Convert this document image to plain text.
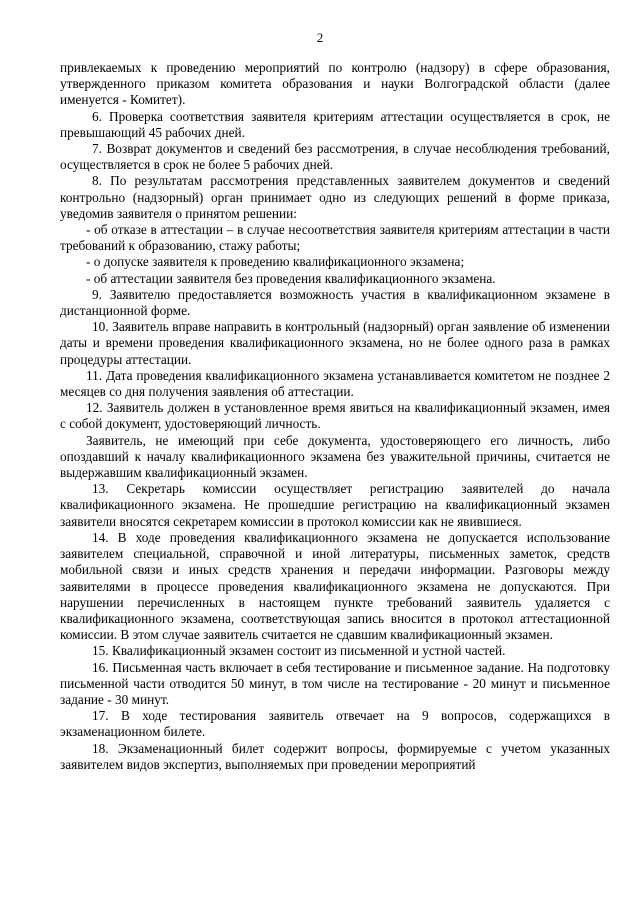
2

привлекаемых к проведению мероприятий по контролю (надзору) в сфере образования, утвержденного приказом комитета образования и науки Волгоградской области (далее именуется - Комитет).

6. Проверка соответствия заявителя критериям аттестации осуществляется в срок, не превышающий 45 рабочих дней.

7. Возврат документов и сведений без рассмотрения, в случае несоблюдения требований, осуществляется в срок не более 5 рабочих дней.

8. По результатам рассмотрения представленных заявителем документов и сведений контрольно (надзорный) орган принимает одно из следующих решений в форме приказа, уведомив заявителя о принятом решении:

- об отказе в аттестации – в случае несоответствия заявителя критериям аттестации в части требований к образованию, стажу работы;

- о допуске заявителя к проведению квалификационного экзамена;

- об аттестации заявителя без проведения квалификационного экзамена.

9. Заявителю предоставляется возможность участия в квалификационном экзамене в дистанционной форме.

10. Заявитель вправе направить в контрольный (надзорный) орган заявление об изменении даты и времени проведения квалификационного экзамена, но не более одного раза в рамках процедуры аттестации.

11. Дата проведения квалификационного экзамена устанавливается комитетом не позднее 2 месяцев со дня получения заявления об аттестации.

12. Заявитель должен в установленное время явиться на квалификационный экзамен, имея с собой документ, удостоверяющий личность.

Заявитель, не имеющий при себе документа, удостоверяющего его личность, либо опоздавший к началу квалификационного экзамена без уважительной причины, считается не выдержавшим квалификационный экзамен.

13. Секретарь комиссии осуществляет регистрацию заявителей до начала квалификационного экзамена. Не прошедшие регистрацию на квалификационный экзамен заявители вносятся секретарем комиссии в протокол комиссии как не явившиеся.

14. В ходе проведения квалификационного экзамена не допускается использование заявителем специальной, справочной и иной литературы, письменных заметок, средств мобильной связи и иных средств хранения и передачи информации. Разговоры между заявителями в процессе проведения квалификационного экзамена не допускаются. При нарушении перечисленных в настоящем пункте требований заявитель удаляется с квалификационного экзамена, соответствующая запись вносится в протокол аттестационной комиссии. В этом случае заявитель считается не сдавшим квалификационный экзамен.

15. Квалификационный экзамен состоит из письменной и устной частей.

16. Письменная часть включает в себя тестирование и письменное задание. На подготовку письменной части отводится 50 минут, в том числе на тестирование - 20 минут и письменное задание - 30 минут.

17. В ходе тестирования заявитель отвечает на 9 вопросов, содержащихся в экзаменационном билете.

18. Экзаменационный билет содержит вопросы, формируемые с учетом указанных заявителем видов экспертиз, выполняемых при проведении мероприятий
